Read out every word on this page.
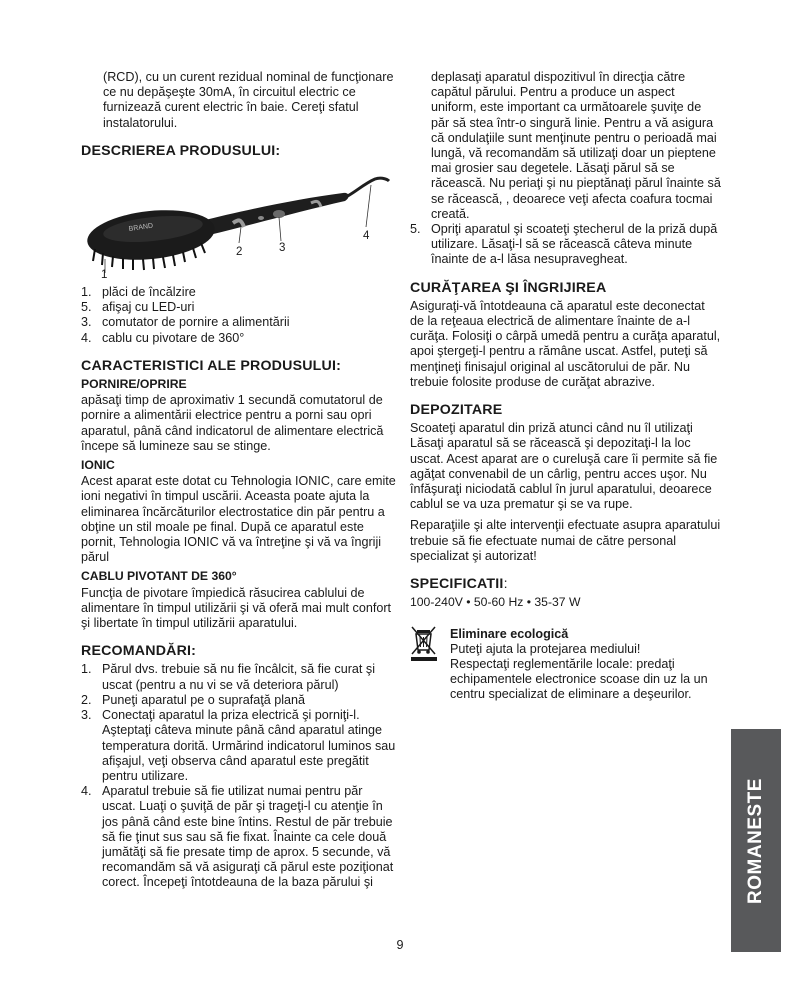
(RCD), cu un curent rezidual nominal de funcţionare ce nu depăşeşte 30mA, în circuitul electric ce furnizează curent electric în baie. Cereţi sfatul instalatorului.

DESCRIEREA PRODUSULUI:
BRAND
1
2	3
4
1. plăci de încălzire
5. afişaj cu LED-uri
3. comutator de pornire a alimentării
4. cablu cu pivotare de 360°
CARACTERISTICI ALE PRODUSULUI:
PORNIRE/OPRIRE

apăsaţi timp de aproximativ 1 secundă comutatorul de pornire a alimentării electrice pentru a porni sau opri aparatul, până când indicatorul de alimentare electrică începe să lumineze sau se stinge.

IONIC

Acest aparat este dotat cu Tehnologia IONIC, care emite ioni negativi în timpul uscării. Aceasta poate ajuta la eliminarea încărcăturilor electrostatice din păr pentru a obţine un stil moale pe final. După ce aparatul este pornit, Tehnologia IONIC vă va întreţine şi vă va îngriji părul

CABLU PIVOTANT DE 360°

Funcţia de pivotare împiedică răsucirea cablului de alimentare în timpul utilizării şi vă oferă mai mult confort şi libertate în timpul utilizării aparatului.

RECOMANDĂRI:
1. Părul dvs. trebuie să nu fie încâlcit, să fie curat şi uscat (pentru a nu vi se vă deteriora părul)
2. Puneţi aparatul pe o suprafaţă plană
3. Conectaţi aparatul la priza electrică şi porniţi-l. Aşteptaţi câteva minute până când aparatul atinge temperatura dorită. Urmărind indicatorul luminos sau afişajul, veţi observa când aparatul este pregătit pentru utilizare.
4. Aparatul trebuie să fie utilizat numai pentru păr uscat. Luaţi o şuviţă de păr şi trageţi-l cu atenţie în jos până când este bine întins. Restul de păr trebuie să fie ţinut sus sau să fie fixat. Înainte ca cele două jumătăţi să fie presate timp de aprox. 5 secunde, vă recomandăm să vă asiguraţi că părul este poziţionat corect. Începeţi întotdeauna de la baza părului şi
deplasaţi aparatul dispozitivul în direcţia către capătul părului. Pentru a produce un aspect uniform, este important ca următoarele şuviţe de păr să stea într-o singură linie. Pentru a vă asigura că ondulaţiile sunt menţinute pentru o perioadă mai lungă, vă recomandăm să utilizaţi doar un pieptene mai grosier sau degetele. Lăsaţi părul să se răcească. Nu periaţi şi nu pieptănaţi părul înainte să se răcească, , deoarece veţi afecta coafura tocmai creată.
5. Opriţi aparatul şi scoateţi ştecherul de la priză după utilizare. Lăsaţi-l să se răcească câteva minute înainte de a-l lăsa nesupravegheat.
CURĂŢAREA ŞI ÎNGRIJIREA

Asiguraţi-vă întotdeauna că aparatul este deconectat de la reţeaua electrică de alimentare înainte de a-l curăţa. Folosiţi o cârpă umedă pentru a curăţa aparatul, apoi ştergeţi-l pentru a rămâne uscat. Astfel, puteţi să menţineţi finisajul original al uscătorului de păr. Nu trebuie folosite produse de curăţat abrazive.

DEPOZITARE

Scoateţi aparatul din priză atunci când nu îl utilizaţi Lăsaţi aparatul să se răcească şi depozitaţi-l la loc uscat. Acest aparat are o cureluşă care îi permite să fie agăţat convenabil de un cârlig, pentru acces uşor. Nu înfăşuraţi niciodată cablul în jurul aparatului, deoarece cablul se va uza prematur şi se va rupe.

Reparaţiile şi alte intervenţii efectuate asupra aparatului trebuie să fie efectuate numai de către personal specializat şi autorizat!

SPECIFICATII:

100-240V • 50-60 Hz • 35-37 W

Eliminare ecologică
Puteţi ajuta la protejarea mediului!
Respectaţi reglementările locale: predaţi echipamentele electronice scoase din uz la un centru specializat de eliminare a deşeurilor.
ROMANESTE
9
